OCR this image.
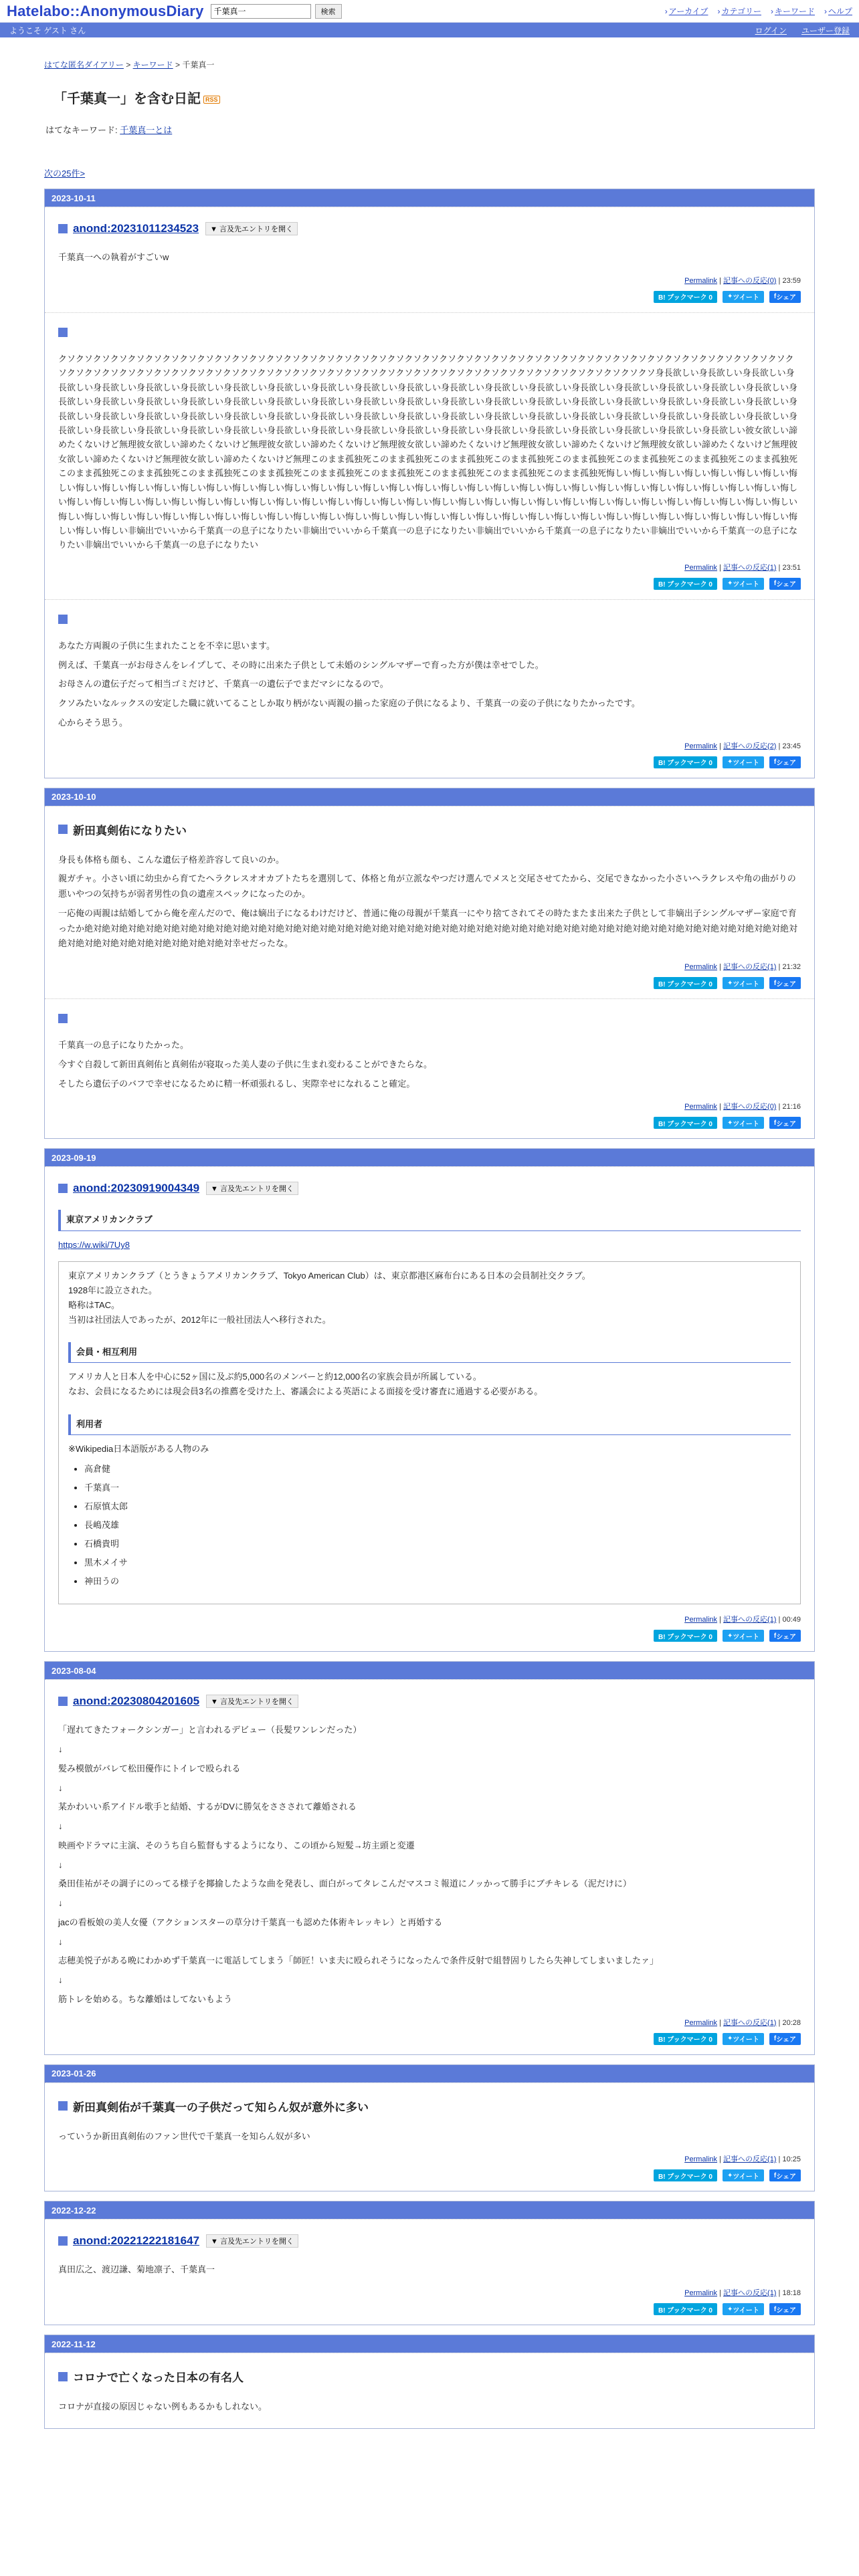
Hatelabo::AnonymousDiary
千葉真一	検索	› アーカイブ › カテゴリー › キーワード › ヘルプ
ようこそ ゲスト さん	ログイン ユーザー登録
はてな匿名ダイアリー > キーワード > 千葉真一
「千葉真一」を含む日記 RSS
はてなキーワード: 千葉真一とは
次の25件>
2023-10-11
anond:20231011234523	▼ 言及先エントリを開く

千葉真一への執着がすごいw

Permalink | 記事への反応(0) | 23:59
B! ブックマーク 0	✦ ツイート f シェア
クソクソクソクソクソクソクソクソクソクソクソクソクソクソクソクソクソクソクソクソクソクソクソクソクソクソクソクソクソクソクソクソクソクソクソクソクソクソクソクソクソクソクソクソクソクソクソクソクソクソクソクソクソクソクソクソクソクソクソクソクソクソクソクソクソクソクソクソクソクソクソクソクソクソクソクソクソ身長欲しい身長欲しい身長欲しい身長欲しい身長欲しい身長欲しい身長欲しい身長欲しい身長欲しい身長欲しい身長欲しい身長欲しい身長欲しい身長欲しい身長欲しい身長欲しい身長欲しい身長欲しい身長欲しい身長欲しい身長欲しい身長欲しい身長欲しい身長欲しい身長欲しい身長欲しい身長欲しい身長欲しい身長欲しい身長欲しい身長欲しい身長欲しい身長欲しい身長欲しい身長欲しい身長欲しい身長欲しい身長欲しい身長欲しい身長欲しい身長欲しい身長欲しい身長欲しい身長欲しい身長欲しい身長欲しい身長欲しい身長欲しい身長欲しい身長欲しい身長欲しい身長欲しい身長欲しい身長欲しい身長欲しい身長欲しい身長欲しい身長欲しい身長欲しい身長欲しい身長欲しい身長欲しい身長欲しい身長欲しい身長欲しい身長欲しい身長欲しい身長欲しい身長欲しい身長欲しい彼女欲しい諦めたくないけど無理彼女欲しい諦めたくないけど無理彼女欲しい諦めたくないけど無理彼女欲しい諦めたくないけど無理彼女欲しい諦めたくないけど無理彼女欲しい諦めたくないけど無理彼女欲しい諦めたくないけど無理彼女欲しい諦めたくないけど無理このまま孤独死このまま孤独死このまま孤独死このまま孤独死このまま孤独死このまま孤独死このまま孤独死このまま孤独死このまま孤独死このまま孤独死このまま孤独死このまま孤独死このまま孤独死このまま孤独死このまま孤独死このまま孤独死このまま孤独死悔しい悔しい悔しい悔しい悔しい悔しい悔しい悔しい悔しい悔しい悔しい悔しい悔しい悔しい悔しい悔しい悔しい悔しい悔しい悔しい悔しい悔しい悔しい悔しい悔しい悔しい悔しい悔しい悔しい悔しい悔しい悔しい悔しい悔しい悔しい悔しい悔しい悔しい悔しい悔しい悔しい悔しい悔しい悔しい悔しい悔しい悔しい悔しい悔しい悔しい悔しい悔しい悔しい悔しい悔しい悔しい悔しい悔しい悔しい悔しい悔しい悔しい悔しい悔しい悔しい悔しい悔しい悔しい悔しい悔しい悔しい悔しい悔しい悔しい悔しい悔しい悔しい悔しい悔しい悔しい悔しい悔しい悔しい悔しい悔しい悔しい悔しい悔しい悔しい悔しい悔しい悔しい悔しい悔しい悔しい非嫡出でいいから千葉真一の息子になりたい非嫡出でいいから千葉真一の息子になりたい非嫡出でいいから千葉真一の息子になりたい非嫡出でいいから千葉真一の息子になりたい非嫡出でいいから千葉真一の息子になりたい
Permalink | 記事への反応(1) | 23:51
B! ブックマーク 0	✦ ツイート f シェア

あなた方両親の子供に生まれたことを不幸に思います。

例えば、千葉真一がお母さんをレイプして、その時に出来た子供として未婚のシングルマザーで育った方が僕は幸せでした。

お母さんの遺伝子だって相当ゴミだけど、千葉真一の遺伝子でまだマシになるので。

クソみたいなルックスの安定した職に就いてることしか取り柄がない両親の揃った家庭の子供になるより、千葉真一の妾の子供になりたかったです。

心からそう思う。

Permalink | 記事への反応(2) | 23:45
B! ブックマーク 0	✦ ツイート f シェア
2023-10-10
新田真剣佑になりたい

身長も体格も顔も、こんな遺伝子格差許容して良いのか。

親ガチャ。小さい頃に幼虫から育てたヘラクレスオオカブトたちを選別して、体格と角が立派なやつだけ選んでメスと交尾させてたから、交尾できなかった小さいヘラクレスや角の曲がりの悪いやつの気持ちが弱者男性の負の遺産スペックになったのか。

一応俺の両親は結婚してから俺を産んだので、俺は嫡出子になるわけだけど、普通に俺の母親が千葉真一にやり捨てされてその時たまたま出来た子供として非嫡出子シングルマザー家庭で育ったか絶対絶対絶対絶対絶対絶対絶対絶対絶対絶対絶対絶対絶対絶対絶対絶対絶対絶対絶対絶対絶対絶対絶対絶対絶対絶対絶対絶対絶対絶対絶対絶対絶対絶対絶対絶対絶対絶対絶対絶対絶対絶対絶対絶対絶対絶対絶対絶対絶対絶対絶対幸せだったな。

Permalink | 記事への反応(1) | 21:32
B! ブックマーク 0	✦ ツイート f シェア

千葉真一の息子になりたかった。

今すぐ自殺して新田真剣佑と真剣佑が寝取った美人妻の子供に生まれ変わることができたらな。

そしたら遺伝子のバフで幸せになるために精一杯頑張れるし、実際幸せになれること確定。

Permalink | 記事への反応(0) | 21:16
B! ブックマーク 0	✦ ツイート f シェア
2023-09-19
anond:20230919004349	▼ 言及先エントリを開く
東京アメリカンクラブ
https://w.wiki/7Uy8
東京アメリカンクラブ（とうきょうアメリカンクラブ、Tokyo American Club）は、東京都港区麻布台にある日本の会員制社交クラブ。
1928年に設立された。
略称はTAC。
当初は社団法人であったが、2012年に一般社団法人へ移行された。
会員・相互利用
アメリカ人と日本人を中心に52ヶ国に及ぶ約5,000名のメンバーと約12,000名の家族会員が所属している。
なお、会員になるためには現会員3名の推薦を受けた上、審議会による英語による面接を受け審査に通過する必要がある。
利用者
※Wikipedia日本語版がある人物のみ
• 高倉健
• 千葉真一
• 石原慎太郎
• 長嶋茂雄
• 石橋貴明
• 黒木メイサ
• 神田うの
Permalink | 記事への反応(1) | 00:49
B! ブックマーク 0	✦ ツイート f シェア
2023-08-04
anond:20230804201605	▼ 言及先エントリを開く

「遅れてきたフォークシンガー」と言われるデビュー（長髪ワンレンだった）

↓

髪み模倣がバレて松田優作にトイレで殴られる

↓

某かわいい系アイドル歌手と結婚、するがDVに勝気をささされて離婚される

↓

映画やドラマに主演、そのうち自ら監督もするようになり、この頃から短髪→坊主頭と変遷

↓

桑田佳祐がその調子にのってる様子を揶揄したような曲を発表し、面白がってタレこんだマスコミ報道にノッかって勝手にブチキレる（泥だけに）

↓

jacの看板娘の美人女優（アクションスターの草分け千葉真一も認めた体術キレッキレ）と再婚する

↓

志穂美悦子がある晩にわかめず千葉真一に電話してしまう「師匠！いま夫に殴られそうになったんで条件反射で組替固りしたら失神してしまいましたァ」

↓

筋トレを始める。ちな離婚はしてないもよう

Permalink | 記事への反応(1) | 20:28
B! ブックマーク 0	✦ ツイート f シェア
2023-01-26
新田真剣佑が千葉真一の子供だって知らん奴が意外に多い

っていうか新田真剣佑のファン世代で千葉真一を知らん奴が多い

Permalink | 記事への反応(1) | 10:25
B! ブックマーク 0	✦ ツイート f シェア
2022-12-22
anond:20221222181647	▼ 言及先エントリを開く

真田広之、渡辺謙、菊地凛子、千葉真一

Permalink | 記事への反応(1) | 18:18
B! ブックマーク 0	✦ ツイート f シェア
2022-11-12
コロナで亡くなった日本の有名人

コロナが直接の原因じゃない例もあるかもしれない。
